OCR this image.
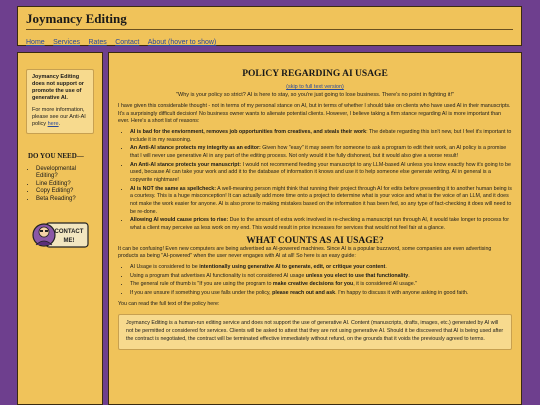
Joymancy Editing
Home Services Rates Contact About (hover to show)
Joymancy Editing does not support or promote the use of generative AI.
For more information, please see our Anti-AI policy here.
DO YOU NEED—
• Developmental Editing?
• Line Editing?
• Copy Editing?
• Beta Reading?
CONTACT
ME!
POLICY REGARDING AI USAGE
(skip to full text version)
"Why is your policy so strict? AI is here to stay, so you're just going to lose business. There's no point in fighting it!"

I have given this considerable thought - not in terms of my personal stance on AI, but in terms of whether I should take on clients who have used AI in their manuscripts. It's a surprisingly difficult decision! No business owner wants to alienate potential clients. However, I believe taking a firm stance regarding AI is more important than ever. Here's a short list of reasons:

• AI is bad for the enviornment, removes job opportunities from creatives, and steals their work: The debate regarding this isn't new, but I feel it's important to include it in my reasoning.
• An Anti-AI stance protects my integrity as an editor: Given how "easy" it may seem for someone to ask a program to edit their work, an AI policy is a promise that I will never use generative AI in any part of the editing process. Not only would it be fully dishonest, but it would also give a worse result!
• An Anti-AI stance protects your manuscript: I would not recommend feeding your manuscript to any LLM-based AI unless you know exactly how it's going to be used, because AI can take your work and add it to the database of information it knows and use it to help someone else generate writing. AI in general is a copywrite nightmare!
• AI is NOT the same as spellcheck: A well-meaning person might think that running their project through AI for edits before presenting it to another human being is a courtesy. This is a huge misconception! It can actually add more time onto a project to determine what is your voice and what is the voice of an LLM, and it does not make the work easier for anyone. AI is also prone to making mistakes based on the information it has been fed, so any type of fact-checking it does will need to be re-done.
• Allowing AI would cause prices to rise: Due to the amount of extra work involved in re-checking a manuscript run through AI, it would take longer to process for what a client may perceive as less work on my end. This would result in price increases for services that would not feel fair at a glance.
WHAT COUNTS AS AI USAGE?

It can be confusing! Even new computers are being advertised as AI-powered machines. Since AI is a popular buzzword, some companies are even advertising products as being "AI-powered" when the user never engages with AI at all! So here is an easy guide:

• AI Usage is considered to be intentionally using generative AI to generate, edit, or critique your content.
• Using a program that advertises AI functionality is not considered AI usage unless you elect to use that functionality.
• The general rule of thumb is "If you are using the program to make creative decisions for you, it is considered AI usage."
• If you are unsure if something you use falls under the policy, please reach out and ask. I'm happy to discuss it with anyone asking in good faith.

You can read the full text of the policy here:

Joymancy Editing is a human-run editing service and does not support the use of generative AI. Content (manuscripts, drafts, images, etc.) generated by AI will not be permitted or considered for services. Clients will be asked to attest that they are not using generative AI. Should it be discovered that AI is being used after the contract is negotiated, the contract will be terminated effective immediately without refund, on the grounds that it voids the previously agreed to terms.
